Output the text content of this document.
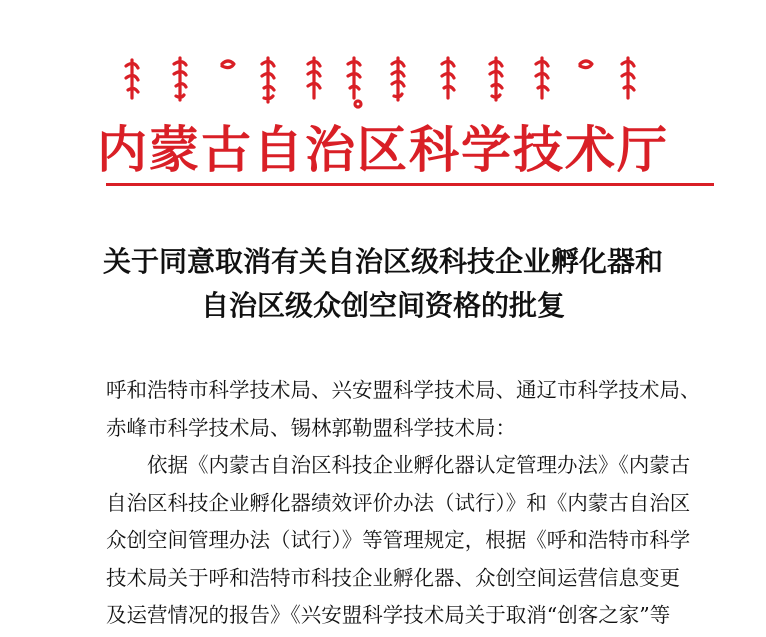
内蒙古自治区科学技术厅
关于同意取消有关自治区级科技企业孵化器和
自治区级众创空间资格的批复
呼和浩特市科学技术局、兴安盟科学技术局、通辽市科学技术局、
赤峰市科学技术局、锡林郭勒盟科学技术局：
　　依据《内蒙古自治区科技企业孵化器认定管理办法》《内蒙古
自治区科技企业孵化器绩效评价办法（试行）》和《内蒙古自治区
众创空间管理办法（试行）》等管理规定，根据《呼和浩特市科学
技术局关于呼和浩特市科技企业孵化器、众创空间运营信息变更
及运营情况的报告》《兴安盟科学技术局关于取消“创客之家”等
